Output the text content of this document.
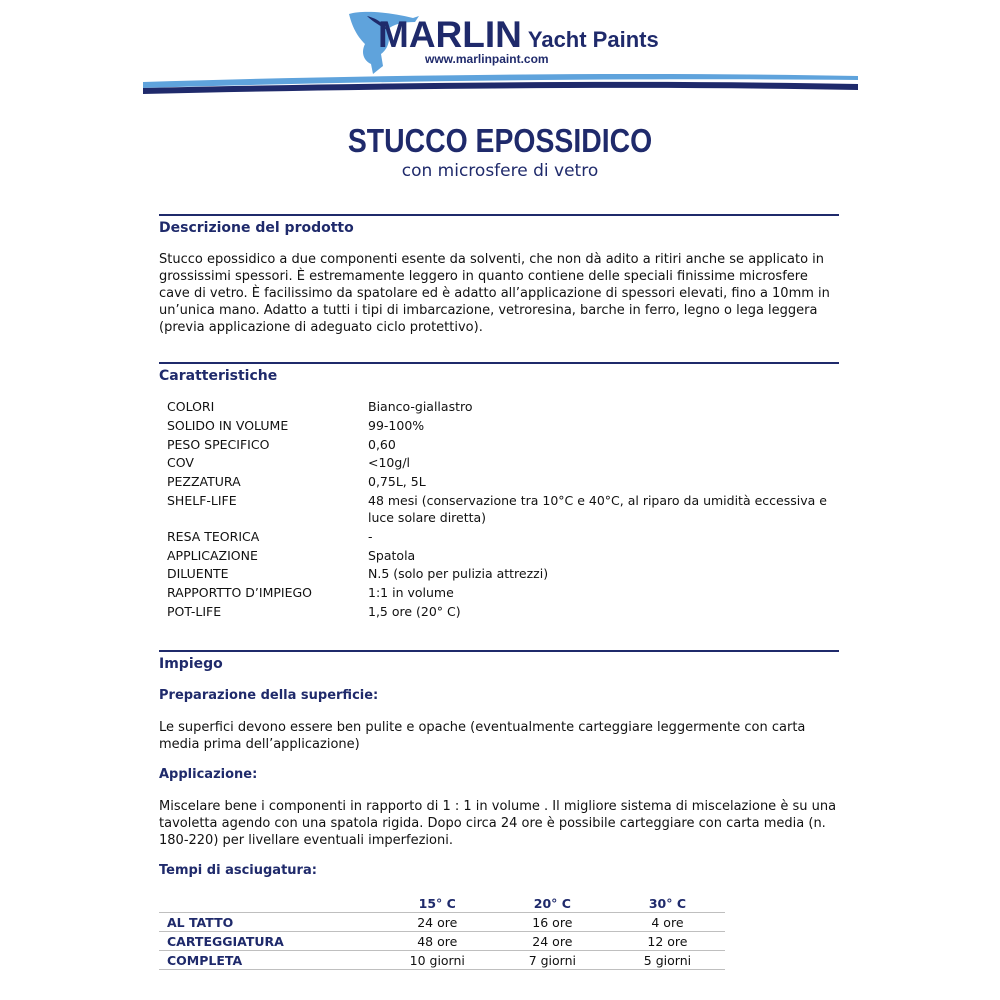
MARLIN Yacht Paints
www.marlinpaint.com
STUCCO EPOSSIDICO
con microsfere di vetro
Descrizione del prodotto
Stucco epossidico a due componenti esente da solventi, che non dà adito a ritiri anche se applicato in grossissimi spessori. È estremamente leggero in quanto contiene delle speciali finissime microsfere cave di vetro. È facilissimo da spatolare ed è adatto all’applicazione di spessori elevati, fino a 10mm in un’unica mano. Adatto a tutti i tipi di imbarcazione, vetroresina, barche in ferro, legno o lega leggera (previa applicazione di adeguato ciclo protettivo).
Caratteristiche
COLORI	Bianco-giallastro
SOLIDO IN VOLUME	99-100%
PESO SPECIFICO	0,60
COV	<10g/l
PEZZATURA	0,75L, 5L
SHELF-LIFE	48 mesi (conservazione tra 10°C e 40°C, al riparo da umidità eccessiva e luce solare diretta)
RESA TEORICA	-
APPLICAZIONE	Spatola
DILUENTE	N.5 (solo per pulizia attrezzi)
RAPPORTTO D’IMPIEGO	1:1 in volume
POT-LIFE	1,5 ore (20° C)
Impiego
Preparazione della superficie:
Le superfici devono essere ben pulite e opache (eventualmente carteggiare leggermente con carta media prima dell’applicazione)
Applicazione:
Miscelare bene i componenti in rapporto di 1 : 1 in volume . Il migliore sistema di miscelazione è su una tavoletta agendo con una spatola rigida. Dopo circa 24 ore è possibile carteggiare con carta media (n. 180-220) per livellare eventuali imperfezioni.
Tempi di asciugatura:
	15° C	20° C	30° C
AL TATTO	24 ore	16 ore	4 ore
CARTEGGIATURA	48 ore	24 ore	12 ore
COMPLETA	10 giorni	7 giorni	5 giorni
